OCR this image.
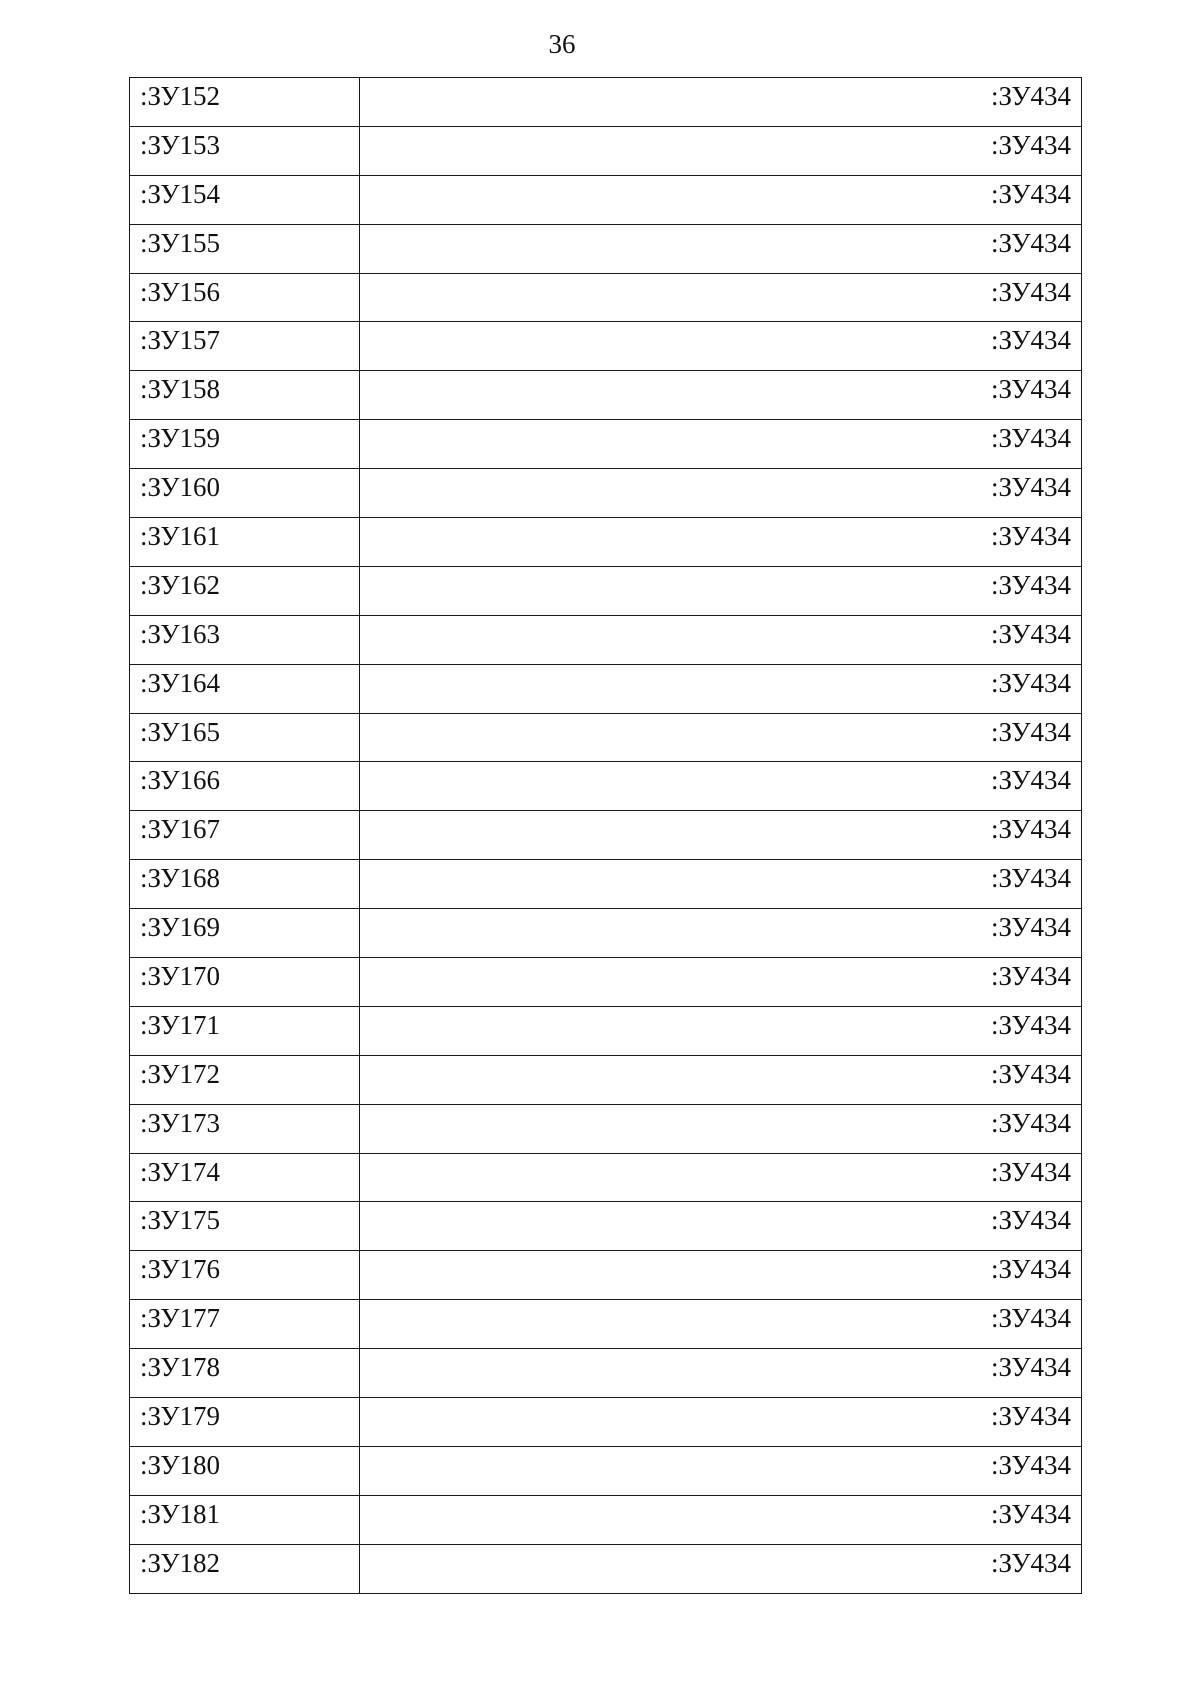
36
:ЗУ152	:ЗУ434
:ЗУ153	:ЗУ434
:ЗУ154	:ЗУ434
:ЗУ155	:ЗУ434
:ЗУ156	:ЗУ434
:ЗУ157	:ЗУ434
:ЗУ158	:ЗУ434
:ЗУ159	:ЗУ434
:ЗУ160	:ЗУ434
:ЗУ161	:ЗУ434
:ЗУ162	:ЗУ434
:ЗУ163	:ЗУ434
:ЗУ164	:ЗУ434
:ЗУ165	:ЗУ434
:ЗУ166	:ЗУ434
:ЗУ167	:ЗУ434
:ЗУ168	:ЗУ434
:ЗУ169	:ЗУ434
:ЗУ170	:ЗУ434
:ЗУ171	:ЗУ434
:ЗУ172	:ЗУ434
:ЗУ173	:ЗУ434
:ЗУ174	:ЗУ434
:ЗУ175	:ЗУ434
:ЗУ176	:ЗУ434
:ЗУ177	:ЗУ434
:ЗУ178	:ЗУ434
:ЗУ179	:ЗУ434
:ЗУ180	:ЗУ434
:ЗУ181	:ЗУ434
:ЗУ182	:ЗУ434
